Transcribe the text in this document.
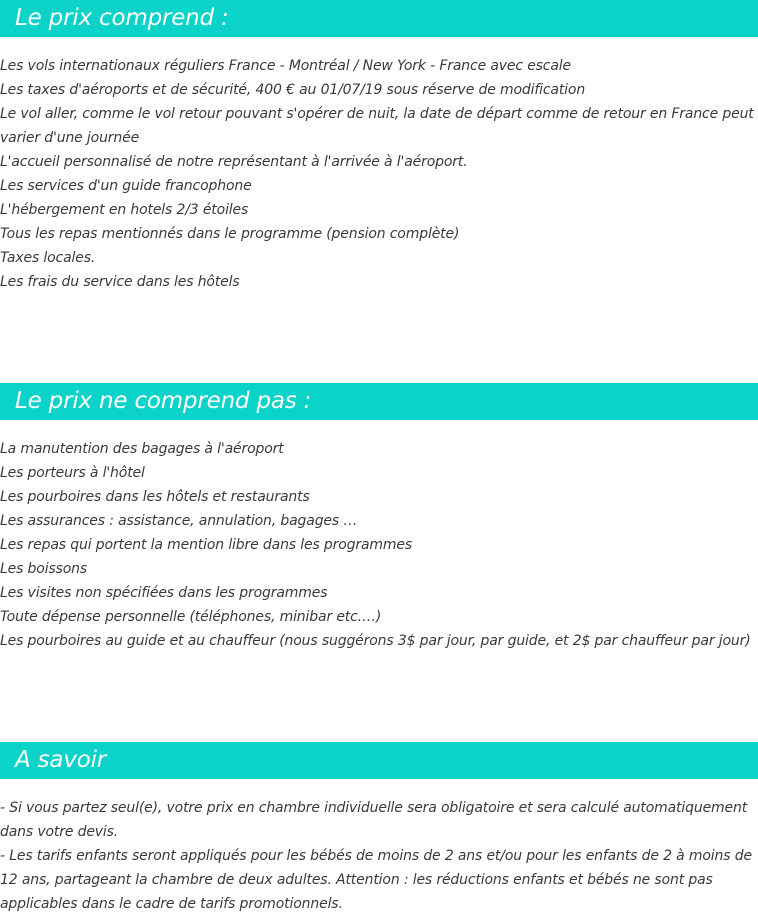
Le prix comprend :
Les vols internationaux réguliers France - Montréal / New York - France avec escale
Les taxes d'aéroports et de sécurité, 400 € au 01/07/19 sous réserve de modification
Le vol aller, comme le vol retour pouvant s'opérer de nuit, la date de départ comme de retour en France peut varier d'une journée
L'accueil personnalisé de notre représentant à l'arrivée à l'aéroport.
Les services d'un guide francophone
L'hébergement en hotels 2/3 étoiles
Tous les repas mentionnés dans le programme (pension complète)
Taxes locales.
Les frais du service dans les hôtels
Le prix ne comprend pas :
La manutention des bagages à l'aéroport
Les porteurs à l'hôtel
Les pourboires dans les hôtels et restaurants
Les assurances : assistance, annulation, bagages …
Les repas qui portent la mention libre dans les programmes
Les boissons
Les visites non spécifiées dans les programmes
Toute dépense personnelle (téléphones, minibar etc.…)
Les pourboires au guide et au chauffeur (nous suggérons 3$ par jour, par guide, et 2$ par chauffeur par jour)
A savoir
- Si vous partez seul(e), votre prix en chambre individuelle sera obligatoire et sera calculé automatiquement dans votre devis.
- Les tarifs enfants seront appliqués pour les bébés de moins de 2 ans et/ou pour les enfants de 2 à moins de 12 ans, partageant la chambre de deux adultes. Attention : les réductions enfants et bébés ne sont pas applicables dans le cadre de tarifs promotionnels.
